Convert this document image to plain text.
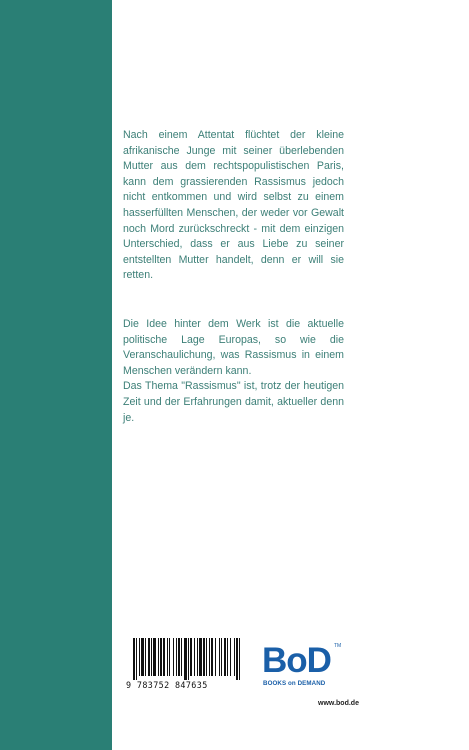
Nach einem Attentat flüchtet der kleine afrikanische Junge mit seiner überlebenden Mutter aus dem rechtspopulistischen Paris, kann dem grassierenden Rassismus jedoch nicht entkommen und wird selbst zu einem hasserfüllten Menschen, der weder vor Gewalt noch Mord zurückschreckt - mit dem einzigen Unterschied, dass er aus Liebe zu seiner entstellten Mutter handelt, denn er will sie retten.

Die Idee hinter dem Werk ist die aktuelle politische Lage Europas, so wie die Veranschaulichung, was Rassismus in einem Menschen verändern kann.

Das Thema "Rassismus" ist, trotz der heutigen Zeit und der Erfahrungen damit, aktueller denn je.

9 783752 847635
BoD TM
BOOKS on DEMAND
www.bod.de
